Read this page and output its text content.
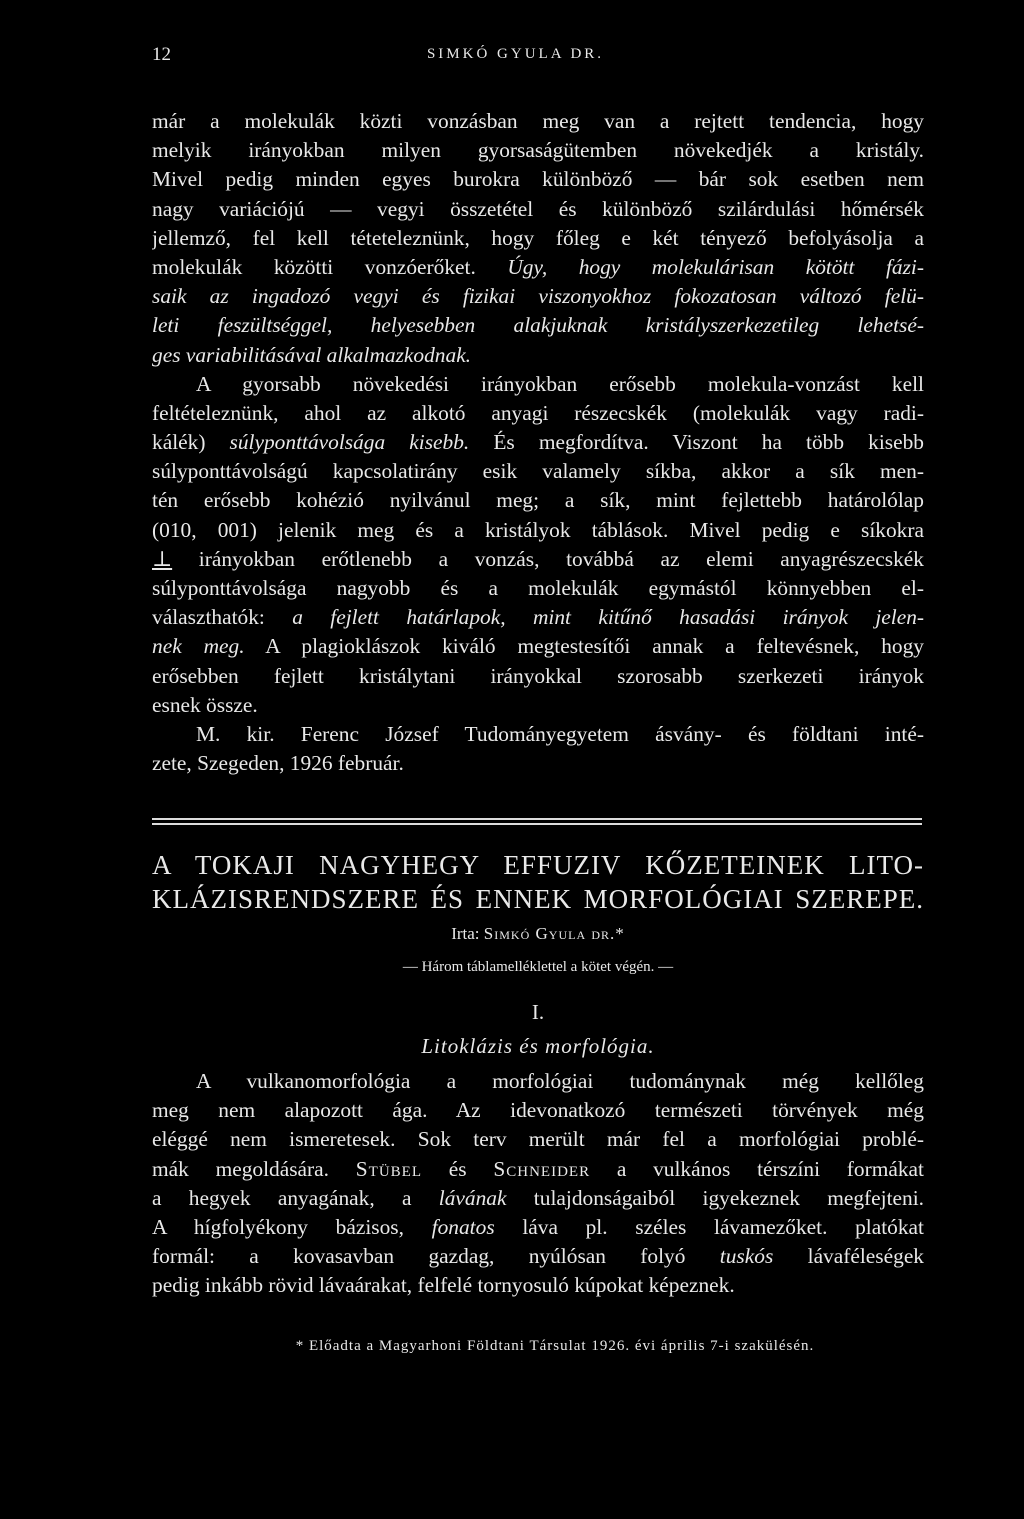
12	SIMKÓ GYULA DR.
már a molekulák közti vonzásban meg van a rejtett tendencia, hogy
melyik irányokban milyen gyorsaságütemben növekedjék a kristály.
Mivel pedig minden egyes burokra különböző — bár sok esetben nem
nagy variációjú — vegyi összetétel és különböző szilárdulási hőmérsék
jellemző, fel kell téteteleznünk, hogy főleg e két tényező befolyásolja a
molekulák közötti vonzóerőket. Úgy, hogy molekulárisan kötött fázi-
saik az ingadozó vegyi és fizikai viszonyokhoz fokozatosan változó felü-
leti feszültséggel, helyesebben alakjuknak kristályszerkezetileg lehetsé-
ges variabilitásával alkalmazkodnak.
A gyorsabb növekedési irányokban erősebb molekula-vonzást kell
feltételeznünk, ahol az alkotó anyagi részecskék (molekulák vagy radi-
kálék) súlyponttávolsága kisebb. És megfordítva. Viszont ha több kisebb
súlyponttávolságú kapcsolatirány esik valamely síkba, akkor a sík men-
tén erősebb kohézió nyilvánul meg; a sík, mint fejlettebb határolólap
(010, 001) jelenik meg és a kristályok táblások. Mivel pedig e síkokra
⊥ irányokban erőtlenebb a vonzás, továbbá az elemi anyagrészecskék
súlyponttávolsága nagyobb és a molekulák egymástól könnyebben el-
választhatók: a fejlett határlapok, mint kitűnő hasadási irányok jelen-
nek meg. A plagioklászok kiváló megtestesítői annak a feltevésnek, hogy
erősebben fejlett kristálytani irányokkal szorosabb szerkezeti irányok
esnek össze.
M. kir. Ferenc József Tudományegyetem ásvány- és földtani inté-
zete, Szegeden, 1926 február.
A TOKAJI NAGYHEGY EFFUZIV KŐZETEINEK LITO-
KLÁZISRENDSZERE ÉS ENNEK MORFOLÓGIAI SZEREPE.
Irta: Simkó Gyula dr.*
— Három táblamelléklettel a kötet végén. —
I.
Litoklázis és morfológia.
A vulkanomorfológia a morfológiai tudománynak még kellőleg
meg nem alapozott ága. Az idevonatkozó természeti törvények még
eléggé nem ismeretesek. Sok terv merült már fel a morfológiai problé-
mák megoldására. Stübel és Schneider a vulkános térszíni formákat
a hegyek anyagának, a lávának tulajdonságaiból igyekeznek megfejteni.
A hígfolyékony bázisos, fonatos láva pl. széles lávamezőket. platókat
formál: a kovasavban gazdag, nyúlósan folyó tuskós lávaféleségek
pedig inkább rövid lávaárakat, felfelé tornyosuló kúpokat képeznek.
* Előadta a Magyarhoni Földtani Társulat 1926. évi április 7-i szakülésén.
